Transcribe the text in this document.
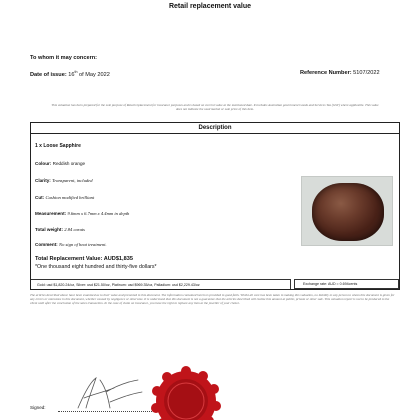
Retail replacement value
To whom it may concern:
Date of issue: 16th of May 2022	Reference Number: 5107/2022
This valuation has been prepared for the sole purpose of Retail replacement for insurance purposes and is based on current value at the mentioned date. It includes Australian government Goods and Services Tax (GST) where applicable. This value does not indicate the used market or sale price of this item.
Description
1 x Loose Sapphire
Colour: Reddish orange
Clarity: Transparent, included
Cut: Cushion modified brilliant
Measurement: 9.6mm x 6.7mm x 4.4mm in depth
Total weight: 2.84 carats
Comment: No sign of heat treatment.
Total Replacement Value: AUD$1,835
*One thousand eight hundred and thirty-five dollars*
Gold: usd $1,820.24/oz, Silver: usd $21.50/oz, Platinum: usd $969.35/oz, Palladium: usd $2,229.43/oz	Exchange rate: AUD = 0.694cents
The articles described above have been examined as to their value and presented in this document. The information contained herein is provided in good faith. Whilst all care has been taken in making this valuation, no liability to any person to whom this document is given for any errors or omissions in this document, whether caused by negligence or otherwise. It is understood that this document is not a guarantee that the articles described will realise this amount at public, private or other sale. This valuation report is not to be produced to the client until after the conclusion of the sales transaction. In the case of claim on insurance, you have the right to replace any item at the jeweller of your choice.
Signed:
